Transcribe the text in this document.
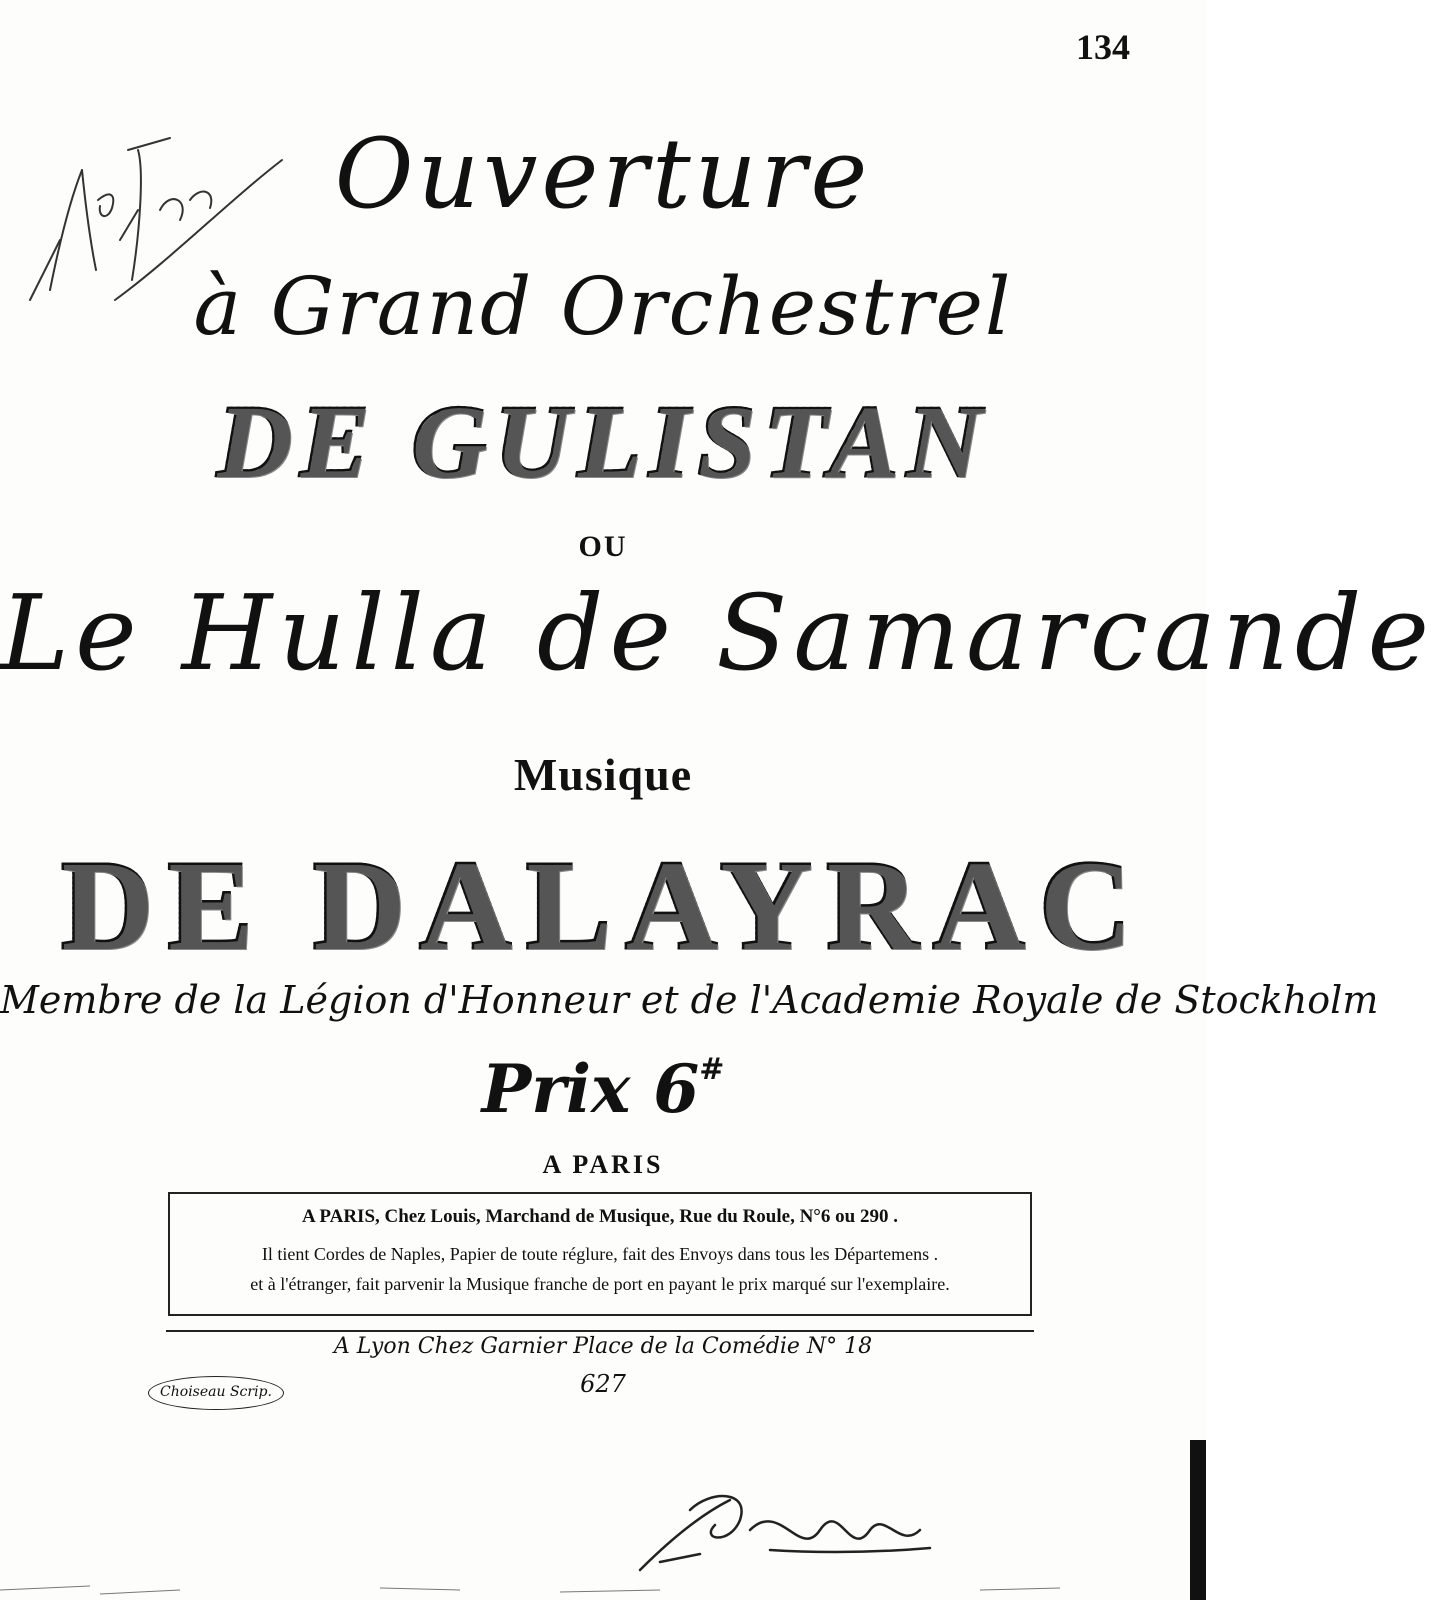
134
N° 7
Ouverture
à Grand Orchestrel
DE GULISTAN
OU
Le Hulla de Samarcande
Musique
DE DALAYRAC
Membre de la Légion d'Honneur et de l'Academie Royale de Stockholm
Prix 6#
A PARIS
A PARIS, Chez Louis, Marchand de Musique, Rue du Roule, N°6 ou 290 .
Il tient Cordes de Naples, Papier de toute réglure, fait des Envoys dans tous les Départemens .
et à l'étranger, fait parvenir la Musique franche de port en payant le prix marqué sur l'exemplaire.
A Lyon Chez Garnier Place de la Comédie N° 18
627
Choiseau Scrip.
